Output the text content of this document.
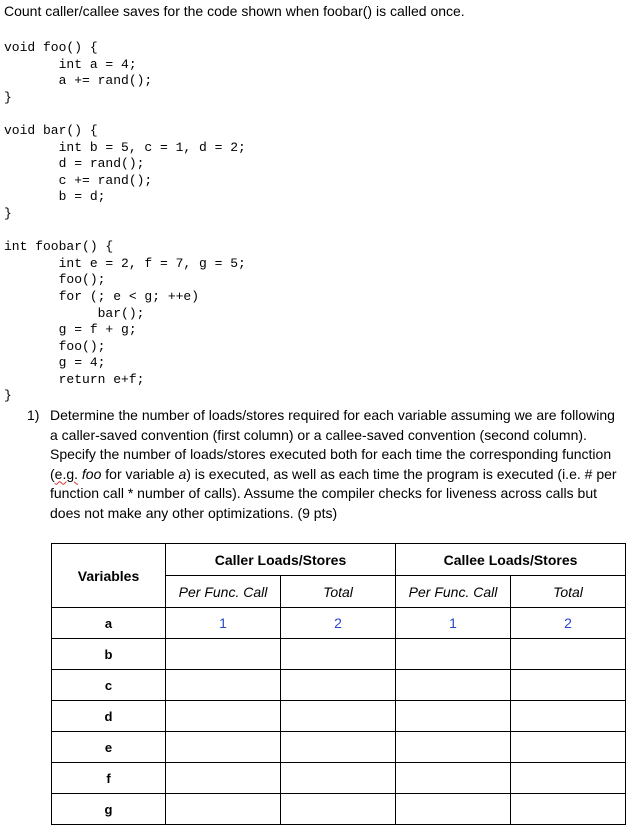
Count caller/callee saves for the code shown when foobar() is called once.
void foo() {
int a = 4;
a += rand();
}
void bar() {
int b = 5, c = 1, d = 2;
d = rand();
c += rand();
b = d;
}
int foobar() {
int e = 2, f = 7, g = 5;
foo();
for (; e < g; ++e)
bar();
g = f + g;
foo();
g = 4;
return e+f;
}
1) Determine the number of loads/stores required for each variable assuming we are following a caller-saved convention (first column) or a callee-saved convention (second column). Specify the number of loads/stores executed both for each time the corresponding function (e.g. foo for variable a) is executed, as well as each time the program is executed (i.e. # per function call * number of calls). Assume the compiler checks for liveness across calls but does not make any other optimizations. (9 pts)
Variables	Caller Loads/Stores		Callee Loads/Stores	
	Per Func. Call	Total	Per Func. Call	Total
a	1	2	1	2
b				
c				
d				
e				
f				
g				
